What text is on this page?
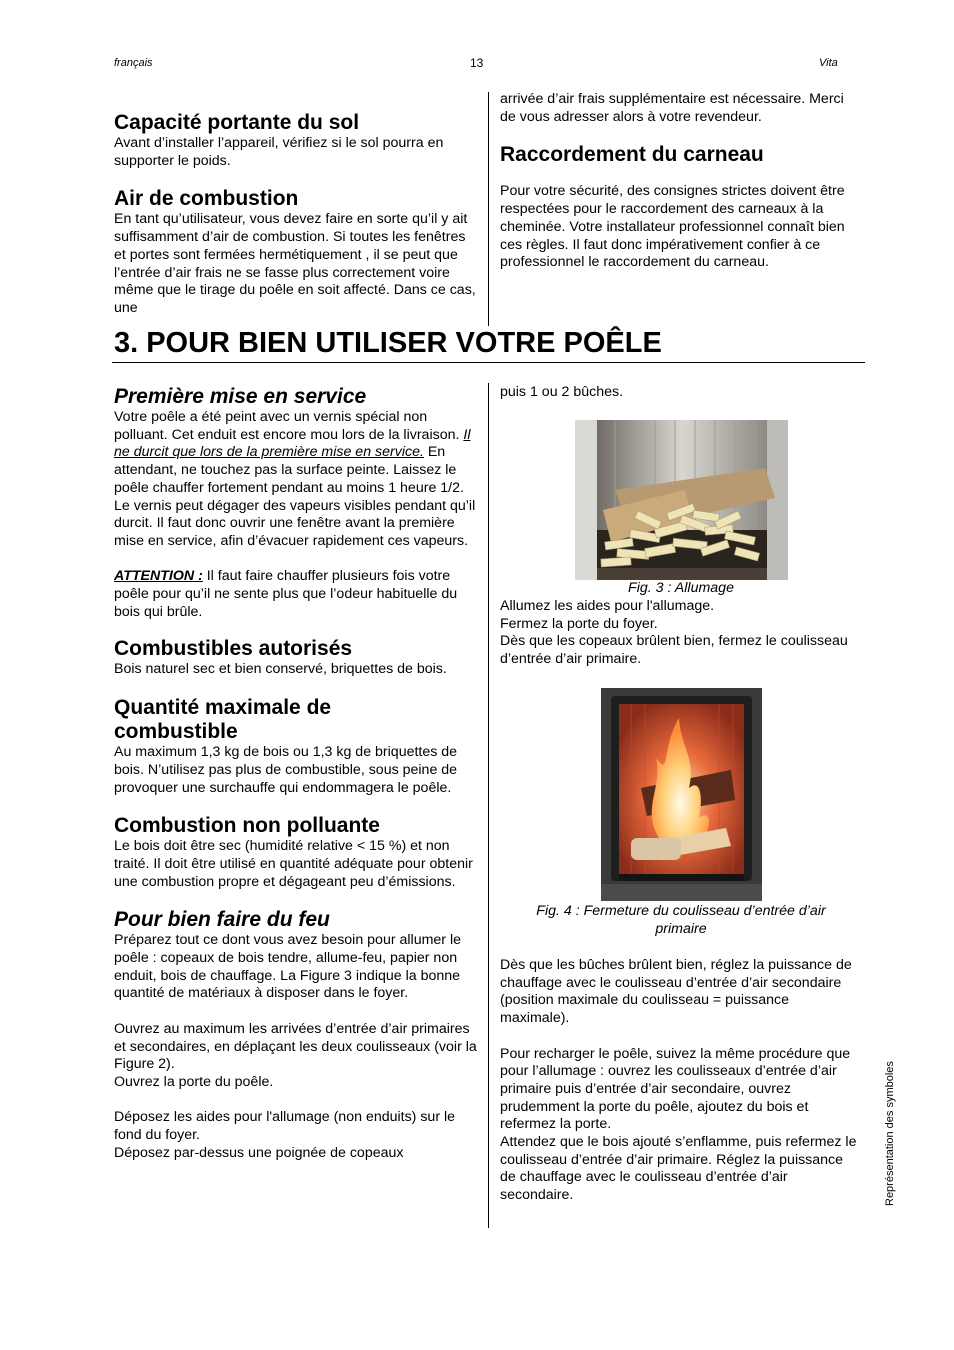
français	13	Vita
Capacité portante du sol

Avant d’installer l’appareil, vérifiez si le sol pourra en supporter le poids.

Air de combustion

En tant qu’utilisateur, vous devez faire en sorte qu’il y ait suffisamment d’air de combustion. Si toutes les fenêtres et portes sont fermées hermétiquement , il se peut que l’entrée d’air frais ne se fasse plus correctement voire même que le tirage du poêle en soit affecté. Dans ce cas, une

arrivée d’air frais supplémentaire est nécessaire. Merci de vous adresser alors à votre revendeur.

Raccordement du carneau

Pour votre sécurité, des consignes strictes doivent être respectées pour le raccordement des carneaux à la cheminée. Votre installateur professionnel connaît bien ces règles. Il faut donc impérativement confier à ce professionnel le raccordement du carneau.

3. POUR BIEN UTILISER VOTRE POÊLE
Première mise en service

Votre poêle a été peint avec un vernis spécial non polluant. Cet enduit est encore mou lors de la livraison. Il ne durcit que lors de la première mise en service. En attendant, ne touchez pas la surface peinte. Laissez le poêle chauffer fortement pendant au moins 1 heure 1/2. Le vernis peut dégager des vapeurs visibles pendant qu’il durcit. Il faut donc ouvrir une fenêtre avant la première mise en service, afin d’évacuer rapidement ces vapeurs.

ATTENTION : Il faut faire chauffer plusieurs fois votre poêle pour qu’il ne sente plus que l’odeur habituelle du bois qui brûle.

Combustibles autorisés

Bois naturel sec et bien conservé, briquettes de bois.

Quantité maximale de
combustible

Au maximum 1,3 kg de bois ou 1,3 kg de briquettes de bois. N’utilisez pas plus de combustible, sous peine de provoquer une surchauffe qui endommagera le poêle.

Combustion non polluante

Le bois doit être sec (humidité relative < 15 %) et non traité. Il doit être utilisé en quantité adéquate pour obtenir une combustion propre et dégageant peu d’émissions.

Pour bien faire du feu

Préparez tout ce dont vous avez besoin pour allumer le poêle : copeaux de bois tendre, allume-feu, papier non enduit, bois de chauffage. La Figure 3 indique la bonne quantité de matériaux à disposer dans le foyer.

Ouvrez au maximum les arrivées d’entrée d’air primaires et secondaires, en déplaçant les deux coulisseaux (voir la Figure 2).

Ouvrez la porte du poêle.

Déposez les aides pour l'allumage (non enduits) sur le fond du foyer.

Déposez par-dessus une poignée de copeaux

puis 1 ou 2 bûches.

Fig. 3 : Allumage

Allumez les aides pour l'allumage.

Fermez la porte du foyer.

Dès que les copeaux brûlent bien, fermez le coulisseau d’entrée d’air primaire.

Fig. 4 : Fermeture du coulisseau d’entrée d’air
primaire

Dès que les bûches brûlent bien, réglez la puissance de chauffage avec le coulisseau d’entrée d’air secondaire (position maximale du coulisseau = puissance maximale).

Pour recharger le poêle, suivez la même procédure que pour l’allumage : ouvrez les coulisseaux d’entrée d’air primaire puis d’entrée d’air secondaire, ouvrez prudemment la porte du poêle, ajoutez du bois et refermez la porte.

Attendez que le bois ajouté s’enflamme, puis refermez le coulisseau d’entrée d’air primaire. Réglez la puissance de chauffage avec le coulisseau d’entrée d’air secondaire.	Représentation des symboles
